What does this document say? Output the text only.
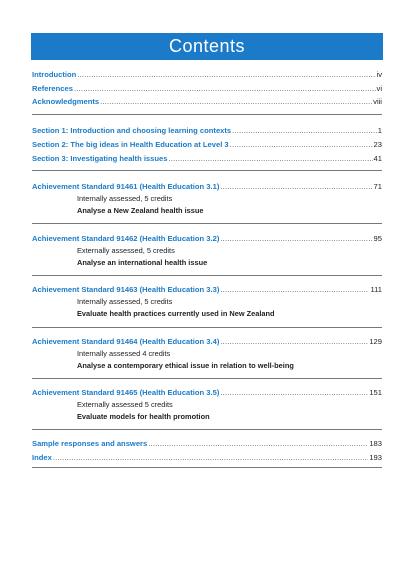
Contents
Introduction .....	iv
References .....	vi
Acknowledgments .....	viii
Section 1: Introduction and choosing learning contexts .....	1
Section 2: The big ideas in Health Education at Level 3 .....	23
Section 3: Investigating health issues .....	41
Achievement Standard 91461 (Health Education 3.1) .....	71
Internally assessed, 5 credits
Analyse a New Zealand health issue
Achievement Standard 91462 (Health Education 3.2) .....	95
Externally assessed, 5 credits
Analyse an international health issue
Achievement Standard 91463 (Health Education 3.3) .....	111
Internally assessed, 5 credits
Evaluate health practices currently used in New Zealand
Achievement Standard 91464 (Health Education 3.4) .....	129
Internally assessed 4 credits
Analyse a contemporary ethical issue in relation to well-being
Achievement Standard 91465 (Health Education 3.5) .....	151
Externally assessed 5 credits
Evaluate models for health promotion
Sample responses and answers .....	183
Index .....	193
